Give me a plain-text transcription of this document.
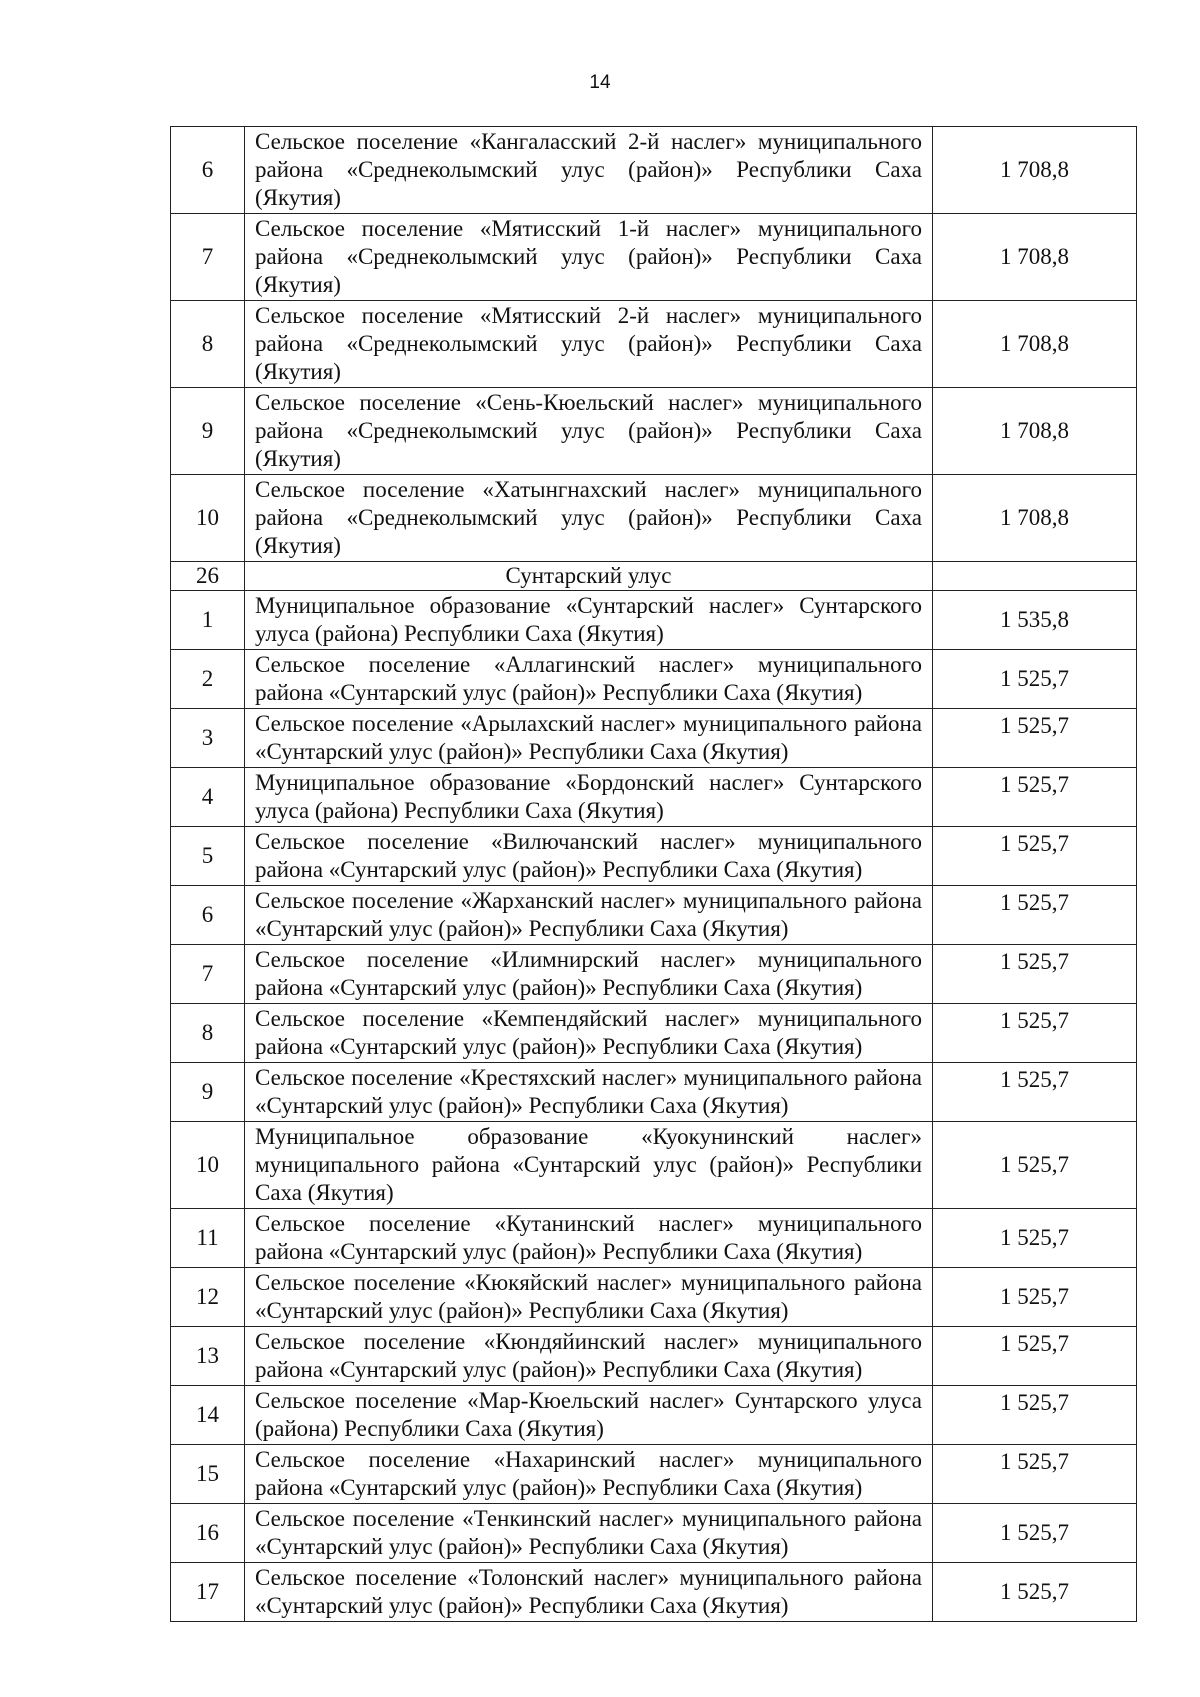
14
6	Сельское поселение «Кангаласский 2-й наслег» муниципального района «Среднеколымский улус (район)» Республики Саха (Якутия)	1 708,8
7	Сельское поселение «Мятисский 1-й наслег» муниципального района «Среднеколымский улус (район)» Республики Саха (Якутия)	1 708,8
8	Сельское поселение «Мятисский 2-й наслег» муниципального района «Среднеколымский улус (район)» Республики Саха (Якутия)	1 708,8
9	Сельское поселение «Сень-Кюельский наслег» муниципального района «Среднеколымский улус (район)» Республики Саха (Якутия)	1 708,8
10	Сельское поселение «Хатынгнахский наслег» муниципального района «Среднеколымский улус (район)» Республики Саха (Якутия)	1 708,8
26	Сунтарский улус	
1	Муниципальное образование «Сунтарский наслег» Сунтарского улуса (района) Республики Саха (Якутия)	1 535,8
2	Сельское поселение «Аллагинский наслег» муниципального района «Сунтарский улус (район)» Республики Саха (Якутия)	1 525,7
3	Сельское поселение «Арылахский наслег» муниципального района «Сунтарский улус (район)» Республики Саха (Якутия)	1 525,7
4	Муниципальное образование «Бордонский наслег» Сунтарского улуса (района) Республики Саха (Якутия)	1 525,7
5	Сельское поселение «Вилючанский наслег» муниципального района «Сунтарский улус (район)» Республики Саха (Якутия)	1 525,7
6	Сельское поселение «Жарханский наслег» муниципального района «Сунтарский улус (район)» Республики Саха (Якутия)	1 525,7
7	Сельское поселение «Илимнирский наслег» муниципального района «Сунтарский улус (район)» Республики Саха (Якутия)	1 525,7
8	Сельское поселение «Кемпендяйский наслег» муниципального района «Сунтарский улус (район)» Республики Саха (Якутия)	1 525,7
9	Сельское поселение «Крестяхский наслег» муниципального района «Сунтарский улус (район)» Республики Саха (Якутия)	1 525,7
10	Муниципальное образование «Куокунинский наслег» муниципального района «Сунтарский улус (район)» Республики Саха (Якутия)	1 525,7
11	Сельское поселение «Кутанинский наслег» муниципального района «Сунтарский улус (район)» Республики Саха (Якутия)	1 525,7
12	Сельское поселение «Кюкяйский наслег» муниципального района «Сунтарский улус (район)» Республики Саха (Якутия)	1 525,7
13	Сельское поселение «Кюндяйинский наслег» муниципального района «Сунтарский улус (район)» Республики Саха (Якутия)	1 525,7
14	Сельское поселение «Мар-Кюельский наслег» Сунтарского улуса (района) Республики Саха (Якутия)	1 525,7
15	Сельское поселение «Нахаринский наслег» муниципального района «Сунтарский улус (район)» Республики Саха (Якутия)	1 525,7
16	Сельское поселение «Тенкинский наслег» муниципального района «Сунтарский улус (район)» Республики Саха (Якутия)	1 525,7
17	Сельское поселение «Толонский наслег» муниципального района «Сунтарский улус (район)» Республики Саха (Якутия)	1 525,7
